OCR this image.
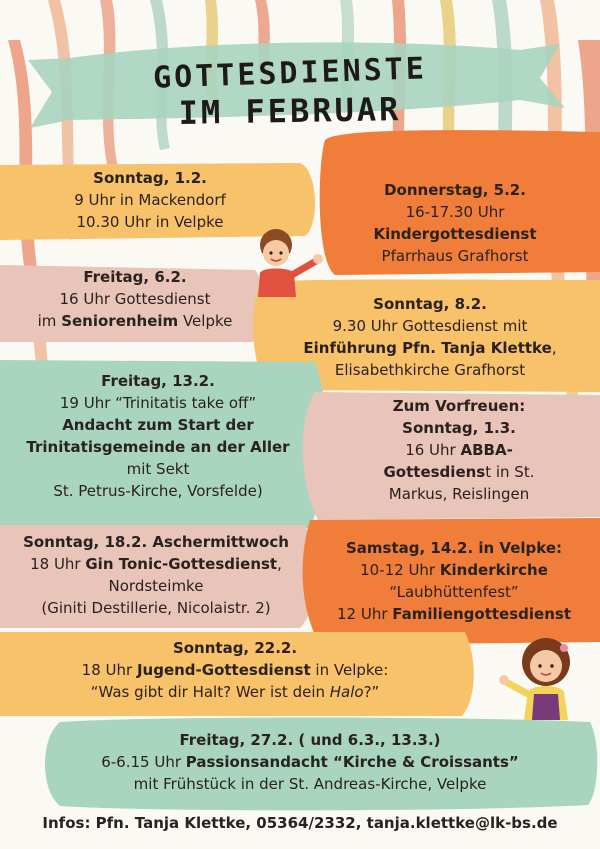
GOTTESDIENSTE
IM FEBRUAR
Sonntag, 1.2.
9 Uhr in Mackendorf
10.30 Uhr in Velpke
Donnerstag, 5.2.
16-17.30 Uhr
Kindergottesdienst
Pfarrhaus Grafhorst
Freitag, 6.2.
16 Uhr Gottesdienst
im Seniorenheim Velpke
Sonntag, 8.2.
9.30 Uhr Gottesdienst mit
Einführung Pfn. Tanja Klettke,
Elisabethkirche Grafhorst
Freitag, 13.2.
19 Uhr “Trinitatis take off”
Andacht zum Start der
Trinitatisgemeinde an der Aller
mit Sekt
St. Petrus-Kirche, Vorsfelde)
Zum Vorfreuen:
Sonntag, 1.3.
16 Uhr ABBA-
Gottesdienst in St.
Markus, Reislingen
Sonntag, 18.2. Aschermittwoch
18 Uhr Gin Tonic-Gottesdienst,
Nordsteimke
(Giniti Destillerie, Nicolaistr. 2)
Samstag, 14.2. in Velpke:
10-12 Uhr Kinderkirche
“Laubhüttenfest”
12 Uhr Familiengottesdienst
Sonntag, 22.2.
18 Uhr Jugend-Gottesdienst in Velpke:
“Was gibt dir Halt? Wer ist dein Halo?”
Freitag, 27.2. ( und 6.3., 13.3.)
6-6.15 Uhr Passionsandacht “Kirche & Croissants”
mit Frühstück in der St. Andreas-Kirche, Velpke
Infos: Pfn. Tanja Klettke, 05364/2332, tanja.klettke@lk-bs.de
